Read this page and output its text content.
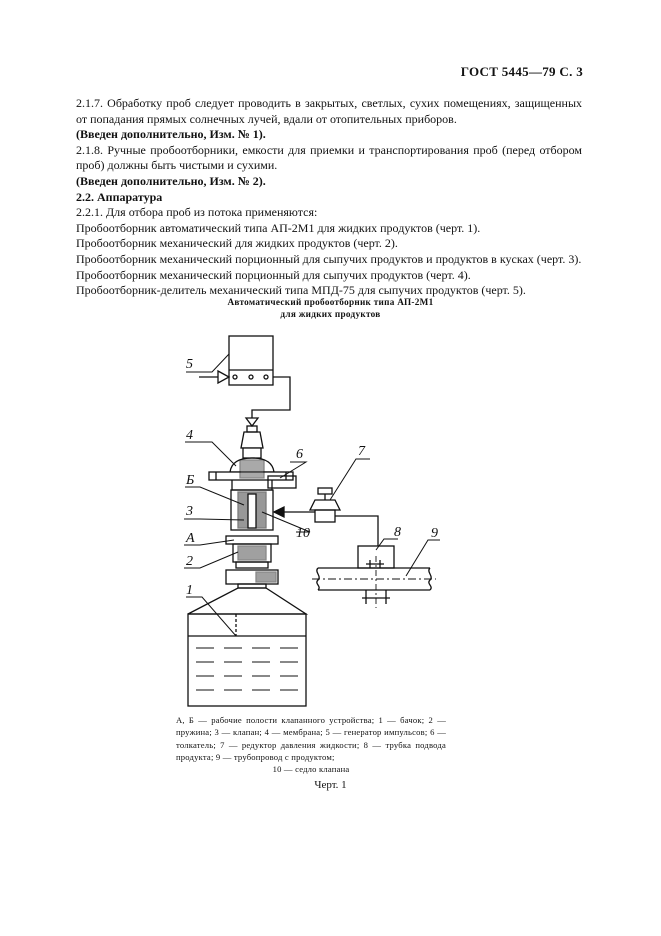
ГОСТ 5445—79 С. 3

2.1.7. Обработку проб следует проводить в закрытых, светлых, сухих помещениях, защищенных от попадания прямых солнечных лучей, вдали от отопительных приборов.

(Введен дополнительно, Изм. № 1).

2.1.8. Ручные пробоотборники, емкости для приемки и транспортирования проб (перед отбором проб) должны быть чистыми и сухими.

(Введен дополнительно, Изм. № 2).

2.2. Аппаратура

2.2.1. Для отбора проб из потока применяются:

Пробоотборник автоматический типа АП-2М1 для жидких продуктов (черт. 1).

Пробоотборник механический для жидких продуктов (черт. 2).

Пробоотборник механический порционный для сыпучих продуктов и продуктов в кусках (черт. 3).

Пробоотборник механический порционный для сыпучих продуктов (черт. 4).

Пробоотборник-делитель механический типа МПД-75 для сыпучих продуктов (черт. 5).

Автоматический пробоотборник типа АП-2М1
для жидких продуктов
5
4
6
Б
3
А
2
10
7
8 9
1
А, Б — рабочие полости клапанного устройства; 1 — бачок; 2 — пружина; 3 — клапан; 4 — мембрана; 5 — генератор импульсов; 6 — толкатель; 7 — редуктор давления жидкости; 8 — трубка подвода продукта; 9 — трубопровод с продуктом;
10 — седло клапана
Черт. 1
